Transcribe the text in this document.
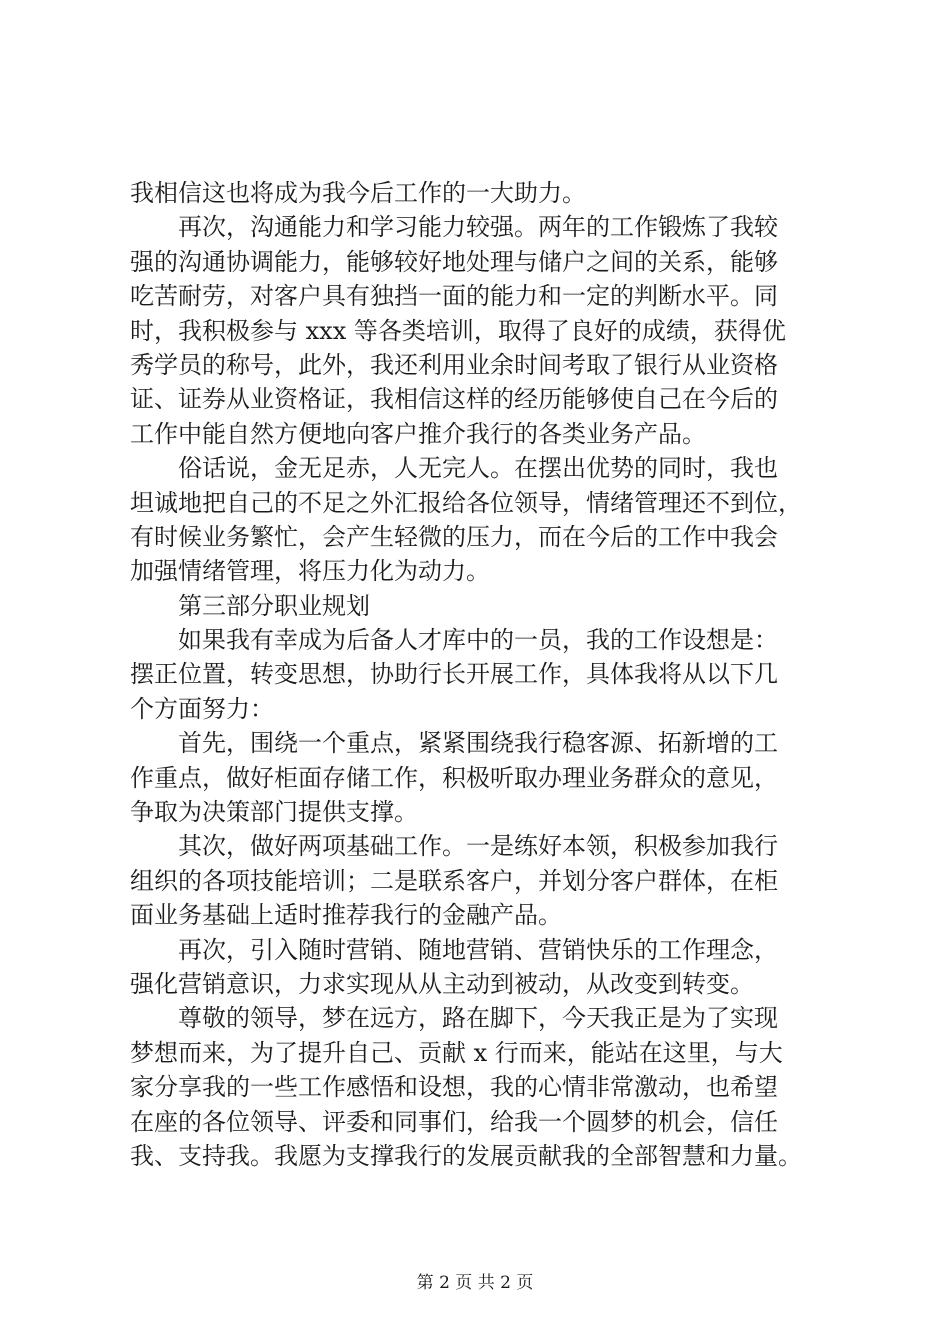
我相信这也将成为我今后工作的一大助力。
再次，沟通能力和学习能力较强。两年的工作锻炼了我较
强的沟通协调能力，能够较好地处理与储户之间的关系，能够
吃苦耐劳，对客户具有独挡一面的能力和一定的判断水平。同
时，我积极参与 xxx 等各类培训，取得了良好的成绩，获得优
秀学员的称号，此外，我还利用业余时间考取了银行从业资格
证、证券从业资格证，我相信这样的经历能够使自己在今后的
工作中能自然方便地向客户推介我行的各类业务产品。
俗话说，金无足赤，人无完人。在摆出优势的同时，我也
坦诚地把自己的不足之外汇报给各位领导，情绪管理还不到位，
有时候业务繁忙，会产生轻微的压力，而在今后的工作中我会
加强情绪管理，将压力化为动力。
第三部分职业规划
如果我有幸成为后备人才库中的一员，我的工作设想是：
摆正位置，转变思想，协助行长开展工作，具体我将从以下几
个方面努力：
首先，围绕一个重点，紧紧围绕我行稳客源、拓新增的工
作重点，做好柜面存储工作，积极听取办理业务群众的意见，
争取为决策部门提供支撑。
其次，做好两项基础工作。一是练好本领，积极参加我行
组织的各项技能培训；二是联系客户，并划分客户群体，在柜
面业务基础上适时推荐我行的金融产品。
再次，引入随时营销、随地营销、营销快乐的工作理念，
强化营销意识，力求实现从从主动到被动，从改变到转变。
尊敬的领导，梦在远方，路在脚下，今天我正是为了实现
梦想而来，为了提升自己、贡献 x 行而来，能站在这里，与大
家分享我的一些工作感悟和设想，我的心情非常激动，也希望
在座的各位领导、评委和同事们，给我一个圆梦的机会，信任
我、支持我。我愿为支撑我行的发展贡献我的全部智慧和力量。
第 2 页 共 2 页
